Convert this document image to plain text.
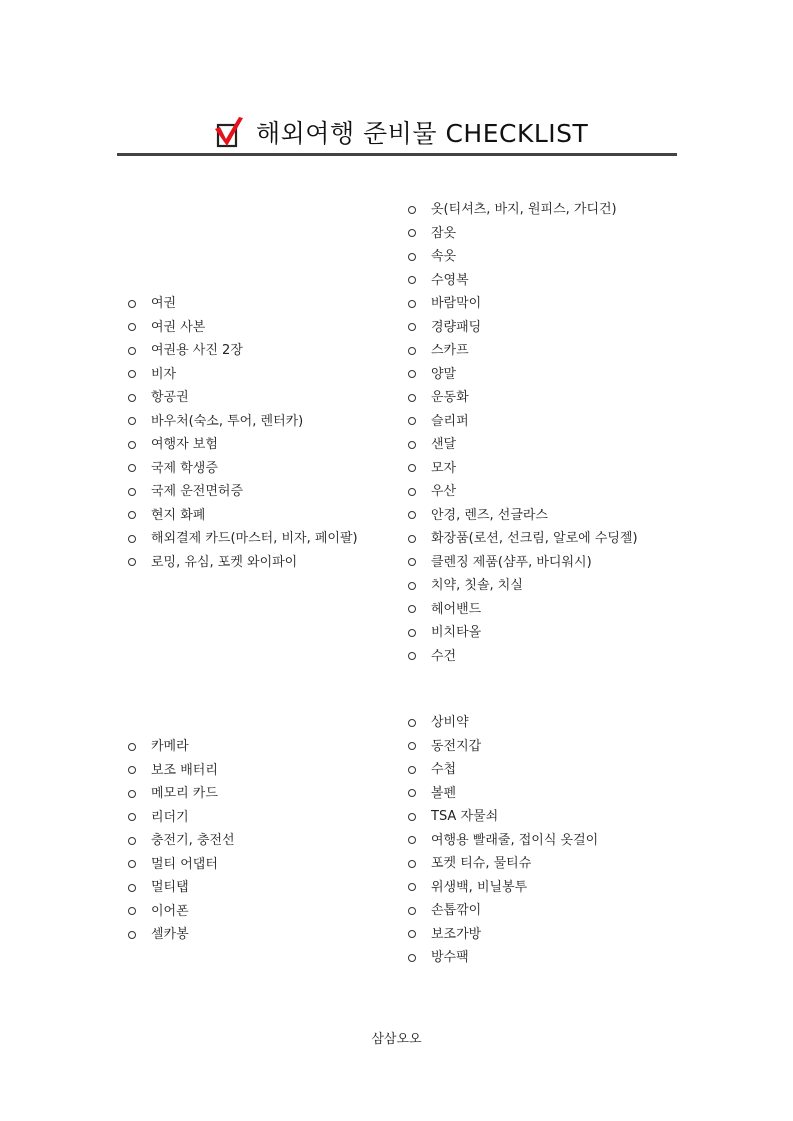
해외여행 준비물 CHECKLIST
여권
여권 사본
여권용 사진 2장
비자
항공권
바우처(숙소, 투어, 렌터카)
여행자 보험
국제 학생증
국제 운전면허증
현지 화폐
해외결제 카드(마스터, 비자, 페이팔)
로밍, 유심, 포켓 와이파이
옷(티셔츠, 바지, 원피스, 가디건)
잠옷
속옷
수영복
바람막이
경량패딩
스카프
양말
운동화
슬리퍼
샌달
모자
우산
안경, 렌즈, 선글라스
화장품(로션, 선크림, 알로에 수딩젤)
클렌징 제품(샴푸, 바디워시)
치약, 칫솔, 치실
헤어밴드
비치타올
수건
카메라
보조 배터리
메모리 카드
리더기
충전기, 충전선
멀티 어댑터
멀티탭
이어폰
셀카봉
상비약
동전지갑
수첩
볼펜
TSA 자물쇠
여행용 빨래줄, 접이식 옷걸이
포켓 티슈, 물티슈
위생백, 비닐봉투
손톱깎이
보조가방
방수팩
삼삼오오
